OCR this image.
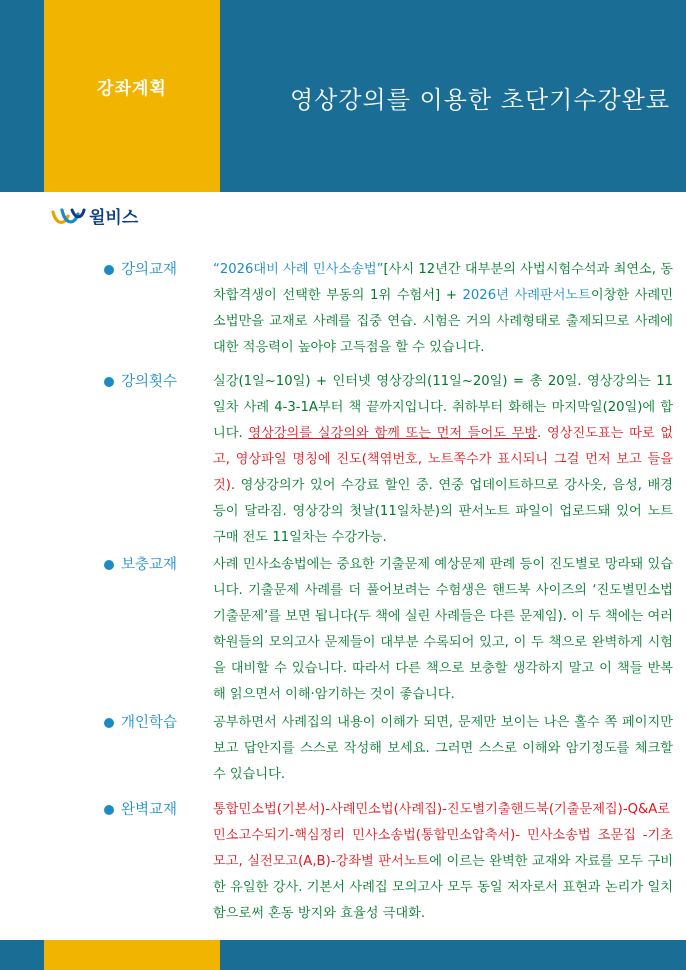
강좌계획	영상강의를 이용한 초단기수강완료
윌비스
강의교재	“2026대비 사례 민사소송법”[사시 12년간 대부분의 사법시험수석과 최연소, 동차합격생이 선택한 부동의 1위 수험서] + 2026년 사례판서노트이창한 사례민소법만을 교재로 사례를 집중 연습. 시험은 거의 사례형태로 출제되므로 사례에 대한 적응력이 높아야 고득점을 할 수 있습니다.
강의횟수	실강(1일~10일) + 인터넷 영상강의(11일~20일) = 총 20일. 영상강의는 11일차 사례 4-3-1A부터 책 끝까지입니다. 취하부터 화해는 마지막일(20일)에 합니다. 영상강의를 실강의와 함께 또는 먼저 들어도 무방. 영상진도표는 따로 없고, 영상파일 명칭에 진도(책엮번호, 노트쪽수가 표시되니 그걸 먼저 보고 들을 것). 영상강의가 있어 수강료 할인 중. 연중 업데이트하므로 강사옷, 음성, 배경 등이 달라짐. 영상강의 첫날(11일차분)의 판서노트 파일이 업로드돼 있어 노트 구매 전도 11일차는 수강가능.
보충교재	사례 민사소송법에는 중요한 기출문제 예상문제 판례 등이 진도별로 망라돼 있습니다. 기출문제 사례를 더 풀어보려는 수험생은 핸드북 사이즈의 ‘진도별민소법 기출문제’를 보면 됩니다(두 책에 실린 사례들은 다른 문제임). 이 두 책에는 여러 학원들의 모의고사 문제들이 대부분 수록되어 있고, 이 두 책으로 완벽하게 시험을 대비할 수 있습니다. 따라서 다른 책으로 보충할 생각하지 말고 이 책들 반복해 읽으면서 이해·암기하는 것이 좋습니다.
개인학습	공부하면서 사례집의 내용이 이해가 되면, 문제만 보이는 나은 홀수 쪽 페이지만 보고 답안지를 스스로 작성해 보세요. 그러면 스스로 이해와 암기정도를 체크할 수 있습니다.
완벽교재	통합민소법(기본서)-사례민소법(사례집)-진도별기출핸드북(기출문제집)-Q&A로 민소고수되기-핵심정리 민사소송법(통합민소압축서)- 민사소송법 조문집 -기초모고, 실전모고(A,B)-강좌별 판서노트에 이르는 완벽한 교재와 자료를 모두 구비한 유일한 강사. 기본서 사례집 모의고사 모두 동일 저자로서 표현과 논리가 일치함으로써 혼동 방지와 효율성 극대화.
